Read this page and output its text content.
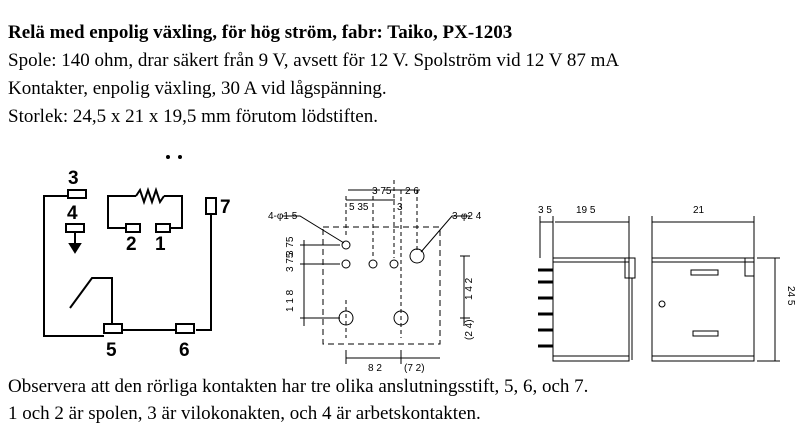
Relä med enpolig växling, för hög ström, fabr: Taiko, PX-1203
Spole: 140 ohm, drar säkert från 9 V, avsett för 12 V. Spolström vid 12 V 87 mA
Kontakter, enpolig växling, 30 A vid lågspänning.
Storlek: 24,5 x 21 x 19,5 mm förutom lödstiften.
3
4
2 1
7
5	6
3 75 2 6
5 35	3
4-φ1 5	3-φ2 4
3 75
3 75
1 1 8
1 4 2
(2 4)
8 2 (7 2)
3 5 19 5	21
24 5
Observera att den rörliga kontakten har tre olika anslutningsstift, 5, 6, och 7.
1 och 2 är spolen, 3 är vilokonakten, och 4 är arbetskontakten.
